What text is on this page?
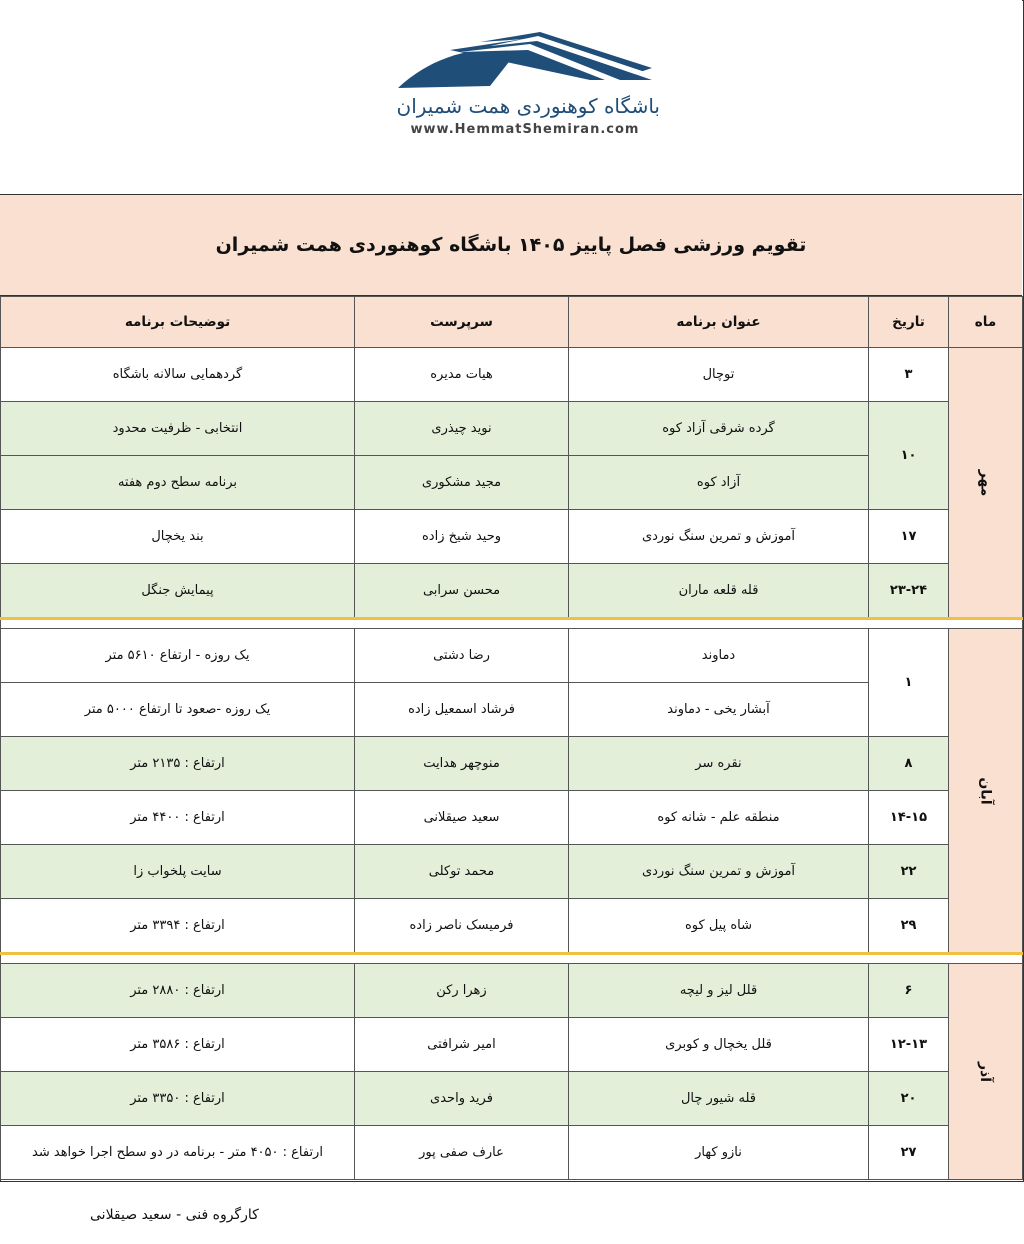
باشگاه کوهنوردی همت شمیران
www.HemmatShemiran.com
تقویم ورزشی فصل پاییز ۱۴۰۵ باشگاه کوهنوردی همت شمیران
ماه	تاریخ	عنوان برنامه	سرپرست	توضیحات برنامه
مهر	۳	توچال	هیات مدیره	گردهمایی سالانه باشگاه
	۱۰	گرده شرقی آزاد کوه	نوید چیذری	انتخابی - ظرفیت محدود
		آزاد کوه	مجید مشکوری	برنامه سطح دوم هفته
	۱۷	آموزش و تمرین سنگ نوردی	وحید شیخ زاده	بند یخچال
	۲۳-۲۴	قله قلعه ماران	محسن سرابی	پیمایش جنگل

آبان	۱	دماوند	رضا دشتی	یک روزه - ارتفاع ۵۶۱۰ متر
		آبشار یخی - دماوند	فرشاد اسمعیل زاده	یک روزه -صعود تا ارتفاع ۵۰۰۰ متر
	۸	نقره سر	منوچهر هدایت	ارتفاع : ۲۱۳۵ متر
	۱۴-۱۵	منطقه علم - شانه کوه	سعید صیقلانی	ارتفاع : ۴۴۰۰ متر
	۲۲	آموزش و تمرین سنگ نوردی	محمد توکلی	سایت پلخواب زا
	۲۹	شاه پیل کوه	فرمیسک ناصر زاده	ارتفاع : ۳۳۹۴ متر

آذر	۶	قلل لیز و لیچه	زهرا رکن	ارتفاع : ۲۸۸۰ متر
	۱۲-۱۳	قلل یخچال و کوبری	امیر شرافتی	ارتفاع : ۳۵۸۶ متر
	۲۰	قله شیور چال	فرید واحدی	ارتفاع : ۳۳۵۰ متر
	۲۷	نازو کهار	عارف صفی پور	ارتفاع : ۴۰۵۰ متر - برنامه در دو سطح اجرا خواهد شد
کارگروه فنی - سعید صیقلانی
